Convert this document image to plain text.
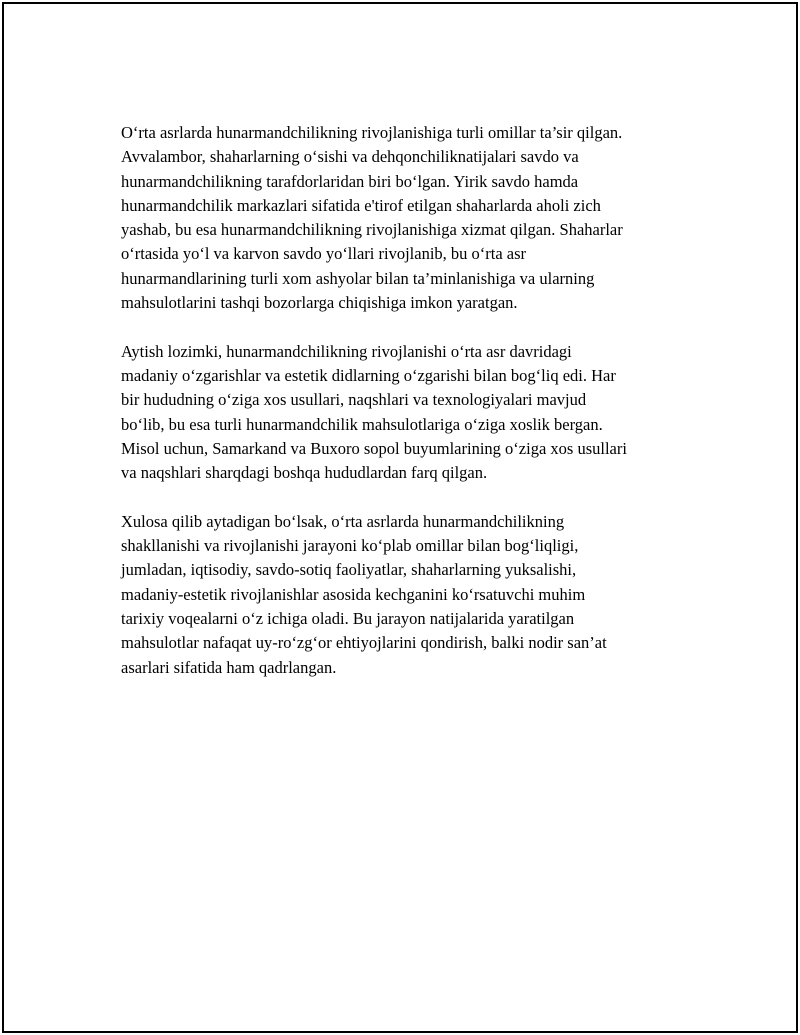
O‘rta asrlarda hunarmandchilikning rivojlanishiga turli omillar ta’sir qilgan.
Avvalambor, shaharlarning o‘sishi va dehqonchiliknatijalari savdo va
hunarmandchilikning tarafdorlaridan biri bo‘lgan. Yirik savdo hamda
hunarmandchilik markazlari sifatida e'tirof etilgan shaharlarda aholi zich
yashab, bu esa hunarmandchilikning rivojlanishiga xizmat qilgan. Shaharlar
o‘rtasida yo‘l va karvon savdo yo‘llari rivojlanib, bu o‘rta asr
hunarmandlarining turli xom ashyolar bilan ta’minlanishiga va ularning
mahsulotlarini tashqi bozorlarga chiqishiga imkon yaratgan.

Aytish lozimki, hunarmandchilikning rivojlanishi o‘rta asr davridagi
madaniy o‘zgarishlar va estetik didlarning o‘zgarishi bilan bog‘liq edi. Har
bir hududning o‘ziga xos usullari, naqshlari va texnologiyalari mavjud
bo‘lib, bu esa turli hunarmandchilik mahsulotlariga o‘ziga xoslik bergan.
Misol uchun, Samarkand va Buxoro sopol buyumlarining o‘ziga xos usullari
va naqshlari sharqdagi boshqa hududlardan farq qilgan.

Xulosa qilib aytadigan bo‘lsak, o‘rta asrlarda hunarmandchilikning
shakllanishi va rivojlanishi jarayoni ko‘plab omillar bilan bog‘liqligi,
jumladan, iqtisodiy, savdo-sotiq faoliyatlar, shaharlarning yuksalishi,
madaniy-estetik rivojlanishlar asosida kechganini ko‘rsatuvchi muhim
tarixiy voqealarni o‘z ichiga oladi. Bu jarayon natijalarida yaratilgan
mahsulotlar nafaqat uy-ro‘zg‘or ehtiyojlarini qondirish, balki nodir san’at
asarlari sifatida ham qadrlangan.
